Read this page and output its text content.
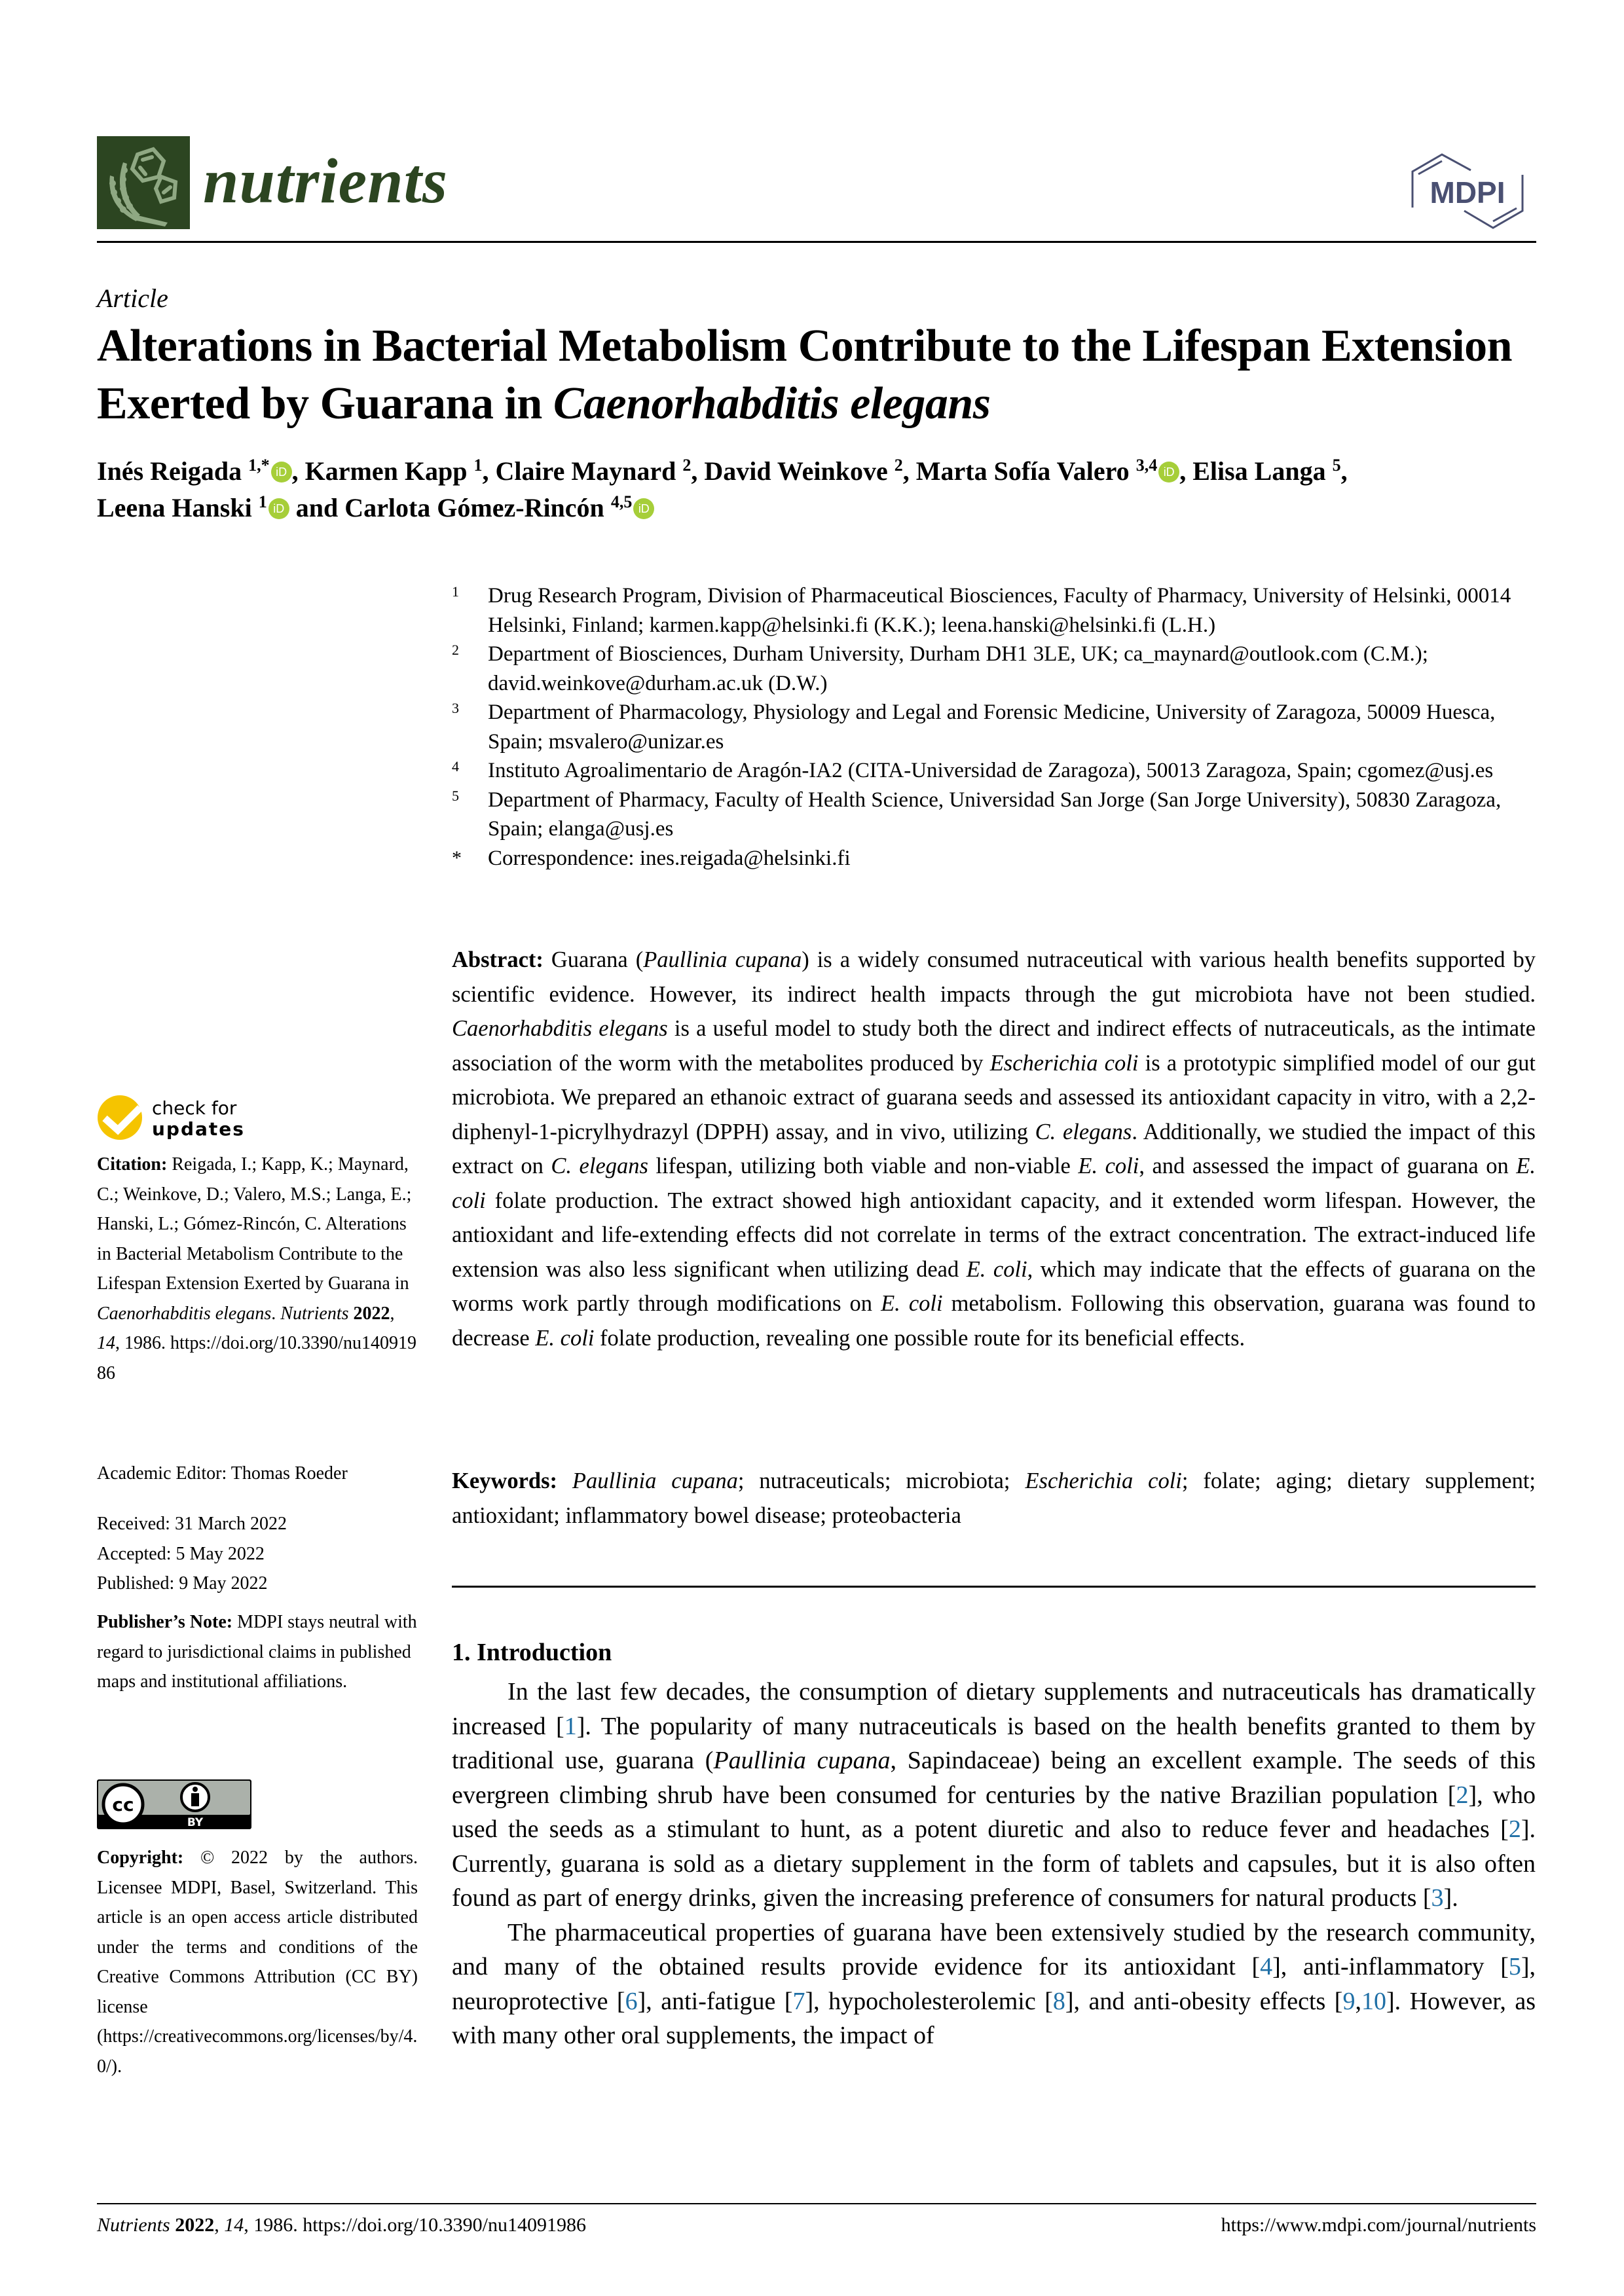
nutrients	MDPI
Article
Alterations in Bacterial Metabolism Contribute to the Lifespan Extension Exerted by Guarana in Caenorhabditis elegans
Inés Reigada $^{1,*}$ iD , Karmen Kapp $^1$, Claire Maynard $^2$, David Weinkove $^2$, Marta Sofía Valero $^{3,4}$ iD , Elisa Langa $^5$,
Leena Hanski $^1$ iD and Carlota Gómez-Rincón $^{4,5}$ iD
1 Drug Research Program, Division of Pharmaceutical Biosciences, Faculty of Pharmacy, University of Helsinki, 00014 Helsinki, Finland; karmen.kapp@helsinki.fi (K.K.); leena.hanski@helsinki.fi (L.H.)
2 Department of Biosciences, Durham University, Durham DH1 3LE, UK; ca_maynard@outlook.com (C.M.); david.weinkove@durham.ac.uk (D.W.)
3 Department of Pharmacology, Physiology and Legal and Forensic Medicine, University of Zaragoza, 50009 Huesca, Spain; msvalero@unizar.es
4 Instituto Agroalimentario de Aragón-IA2 (CITA-Universidad de Zaragoza), 50013 Zaragoza, Spain; cgomez@usj.es
5 Department of Pharmacy, Faculty of Health Science, Universidad San Jorge (San Jorge University), 50830 Zaragoza, Spain; elanga@usj.es
* Correspondence: ines.reigada@helsinki.fi
check for
updates
Citation: Reigada, I.; Kapp, K.; Maynard, C.; Weinkove, D.; Valero, M.S.; Langa, E.; Hanski, L.; Gómez-Rincón, C. Alterations in Bacterial Metabolism Contribute to the Lifespan Extension Exerted by Guarana in Caenorhabditis elegans. Nutrients 2022, 14, 1986. https://doi.org/10.3390/nu14091986
Academic Editor: Thomas Roeder
Received: 31 March 2022
Accepted: 5 May 2022
Published: 9 May 2022
Publisher’s Note: MDPI stays neutral with regard to jurisdictional claims in published maps and institutional affiliations.
cc
BY
Copyright: © 2022 by the authors. Licensee MDPI, Basel, Switzerland. This article is an open access article distributed under the terms and conditions of the Creative Commons Attribution (CC BY) license (https://creativecommons.org/licenses/by/4.0/).
Abstract: Guarana (Paullinia cupana) is a widely consumed nutraceutical with various health benefits supported by scientific evidence. However, its indirect health impacts through the gut microbiota have not been studied. Caenorhabditis elegans is a useful model to study both the direct and indirect effects of nutraceuticals, as the intimate association of the worm with the metabolites produced by Escherichia coli is a prototypic simplified model of our gut microbiota. We prepared an ethanoic extract of guarana seeds and assessed its antioxidant capacity in vitro, with a 2,2-diphenyl-1-picrylhydrazyl (DPPH) assay, and in vivo, utilizing C. elegans. Additionally, we studied the impact of this extract on C. elegans lifespan, utilizing both viable and non-viable E. coli, and assessed the impact of guarana on E. coli folate production. The extract showed high antioxidant capacity, and it extended worm lifespan. However, the antioxidant and life-extending effects did not correlate in terms of the extract concentration. The extract-induced life extension was also less significant when utilizing dead E. coli, which may indicate that the effects of guarana on the worms work partly through modifications on E. coli metabolism. Following this observation, guarana was found to decrease E. coli folate production, revealing one possible route for its beneficial effects.
Keywords: Paullinia cupana; nutraceuticals; microbiota; Escherichia coli; folate; aging; dietary supplement; antioxidant; inflammatory bowel disease; proteobacteria
1. Introduction

In the last few decades, the consumption of dietary supplements and nutraceuticals has dramatically increased [1]. The popularity of many nutraceuticals is based on the health benefits granted to them by traditional use, guarana (Paullinia cupana, Sapindaceae) being an excellent example. The seeds of this evergreen climbing shrub have been consumed for centuries by the native Brazilian population [2], who used the seeds as a stimulant to hunt, as a potent diuretic and also to reduce fever and headaches [2]. Currently, guarana is sold as a dietary supplement in the form of tablets and capsules, but it is also often found as part of energy drinks, given the increasing preference of consumers for natural products [3].

The pharmaceutical properties of guarana have been extensively studied by the research community, and many of the obtained results provide evidence for its antioxidant [4], anti-inflammatory [5], neuroprotective [6], anti-fatigue [7], hypocholesterolemic [8], and anti-obesity effects [9,10]. However, as with many other oral supplements, the impact of

Nutrients 2022, 14, 1986. https://doi.org/10.3390/nu14091986	https://www.mdpi.com/journal/nutrients
